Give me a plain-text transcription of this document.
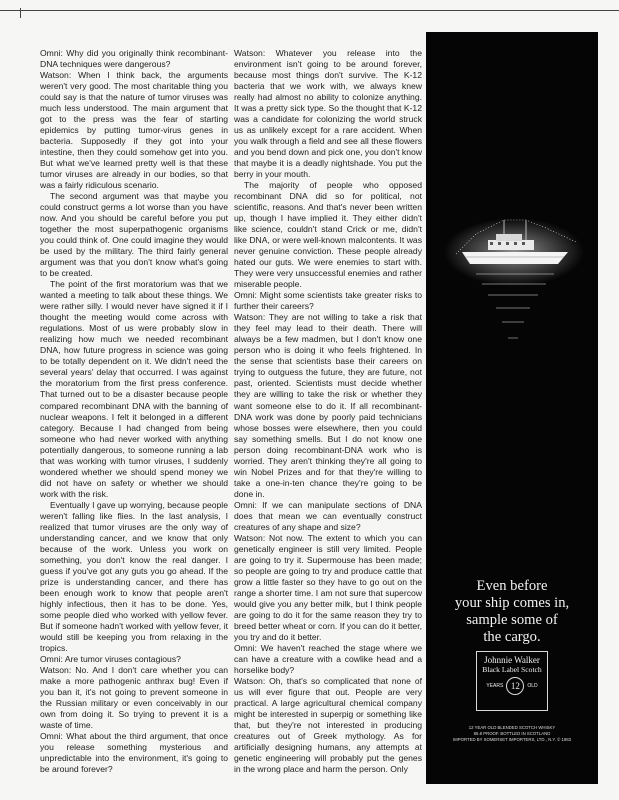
Omni: Why did you originally think recombinant-DNA techniques were dangerous?

Watson: When I think back, the arguments weren't very good. The most charitable thing you could say is that the nature of tumor viruses was much less understood. The main argument that got to the press was the fear of starting epidemics by putting tumor-virus genes in bacteria. Supposedly if they got into your intestine, then they could somehow get into you. But what we've learned pretty well is that these tumor viruses are already in our bodies, so that was a fairly ridiculous scenario.

The second argument was that maybe you could construct germs a lot worse than you have now. And you should be careful before you put together the most superpathogenic organisms you could think of. One could imagine they would be used by the military. The third fairly general argument was that you don't know what's going to be created.

The point of the first moratorium was that we wanted a meeting to talk about these things. We were rather silly. I would never have signed it if I thought the meeting would come across with regulations. Most of us were probably slow in realizing how much we needed recombinant DNA, how future progress in science was going to be totally dependent on it. We didn't need the several years' delay that occurred. I was against the moratorium from the first press conference. That turned out to be a disaster because people compared recombinant DNA with the banning of nuclear weapons. I felt it belonged in a different category. Because I had changed from being someone who had never worked with anything potentially dangerous, to someone running a lab that was working with tumor viruses, I suddenly wondered whether we should spend money we did not have on safety or whether we should work with the risk.

Eventually I gave up worrying, because people weren't falling like flies. In the last analysis, I realized that tumor viruses are the only way of understanding cancer, and we know that only because of the work. Unless you work on something, you don't know the real danger. I guess if you've got any guts you go ahead. If the prize is understanding cancer, and there has been enough work to know that people aren't highly infectious, then it has to be done. Yes, some people died who worked with yellow fever. But if someone hadn't worked with yellow fever, it would still be keeping you from relaxing in the tropics.

Omni: Are tumor viruses contagious?

Watson: No. And I don't care whether you can make a more pathogenic anthrax bug! Even if you ban it, it's not going to prevent someone in the Russian military or even conceivably in our own from doing it. So trying to prevent it is a waste of time.

Omni: What about the third argument, that once you release something mysterious and unpredictable into the environment, it's going to be around forever?

Watson: Whatever you release into the environment isn't going to be around forever, because most things don't survive. The K-12 bacteria that we work with, we always knew really had almost no ability to colonize anything. It was a pretty sick type. So the thought that K-12 was a candidate for colonizing the world struck us as unlikely except for a rare accident. When you walk through a field and see all these flowers and you bend down and pick one, you don't know that maybe it is a deadly nightshade. You put the berry in your mouth.

The majority of people who opposed recombinant DNA did so for political, not scientific, reasons. And that's never been written up, though I have implied it. They either didn't like science, couldn't stand Crick or me, didn't like DNA, or were well-known malcontents. It was never genuine conviction. These people already hated our guts. We were enemies to start with. They were very unsuccessful enemies and rather miserable people.

Omni: Might some scientists take greater risks to further their careers?

Watson: They are not willing to take a risk that they feel may lead to their death. There will always be a few madmen, but I don't know one person who is doing it who feels frightened. In the sense that scientists base their careers on trying to outguess the future, they are future, not past, oriented. Scientists must decide whether they are willing to take the risk or whether they want someone else to do it. If all recombinant-DNA work was done by poorly paid technicians whose bosses were elsewhere, then you could say something smells. But I do not know one person doing recombinant-DNA work who is worried. They aren't thinking they're all going to win Nobel Prizes and for that they're willing to take a one-in-ten chance they're going to be done in.

Omni: If we can manipulate sections of DNA does that mean we can eventually construct creatures of any shape and size?

Watson: Not now. The extent to which you can genetically engineer is still very limited. People are going to try it. Supermouse has been made; so people are going to try and produce cattle that grow a little faster so they have to go out on the range a shorter time. I am not sure that supercow would give you any better milk, but I think people are going to do it for the same reason they try to breed better wheat or corn. If you can do it better, you try and do it better.

Omni: We haven't reached the stage where we can have a creature with a cowlike head and a horselike body?

Watson: Oh, that's so complicated that none of us will ever figure that out. People are very practical. A large agricultural chemical company might be interested in superpig or something like that, but they're not interested in producing creatures out of Greek mythology. As for artificially designing humans, any attempts at genetic engineering will probably put the genes in the wrong place and harm the person. Only

Even before
your ship comes in,
sample some of
the cargo.
Johnnie Walker
Black Label Scotch
YEARS 12	OLD
12 YEAR OLD BLENDED SCOTCH WHISKY
86.8 PROOF. BOTTLED IN SCOTLAND
IMPORTED BY SOMERSET IMPORTERS, LTD., N.Y. © 1983
